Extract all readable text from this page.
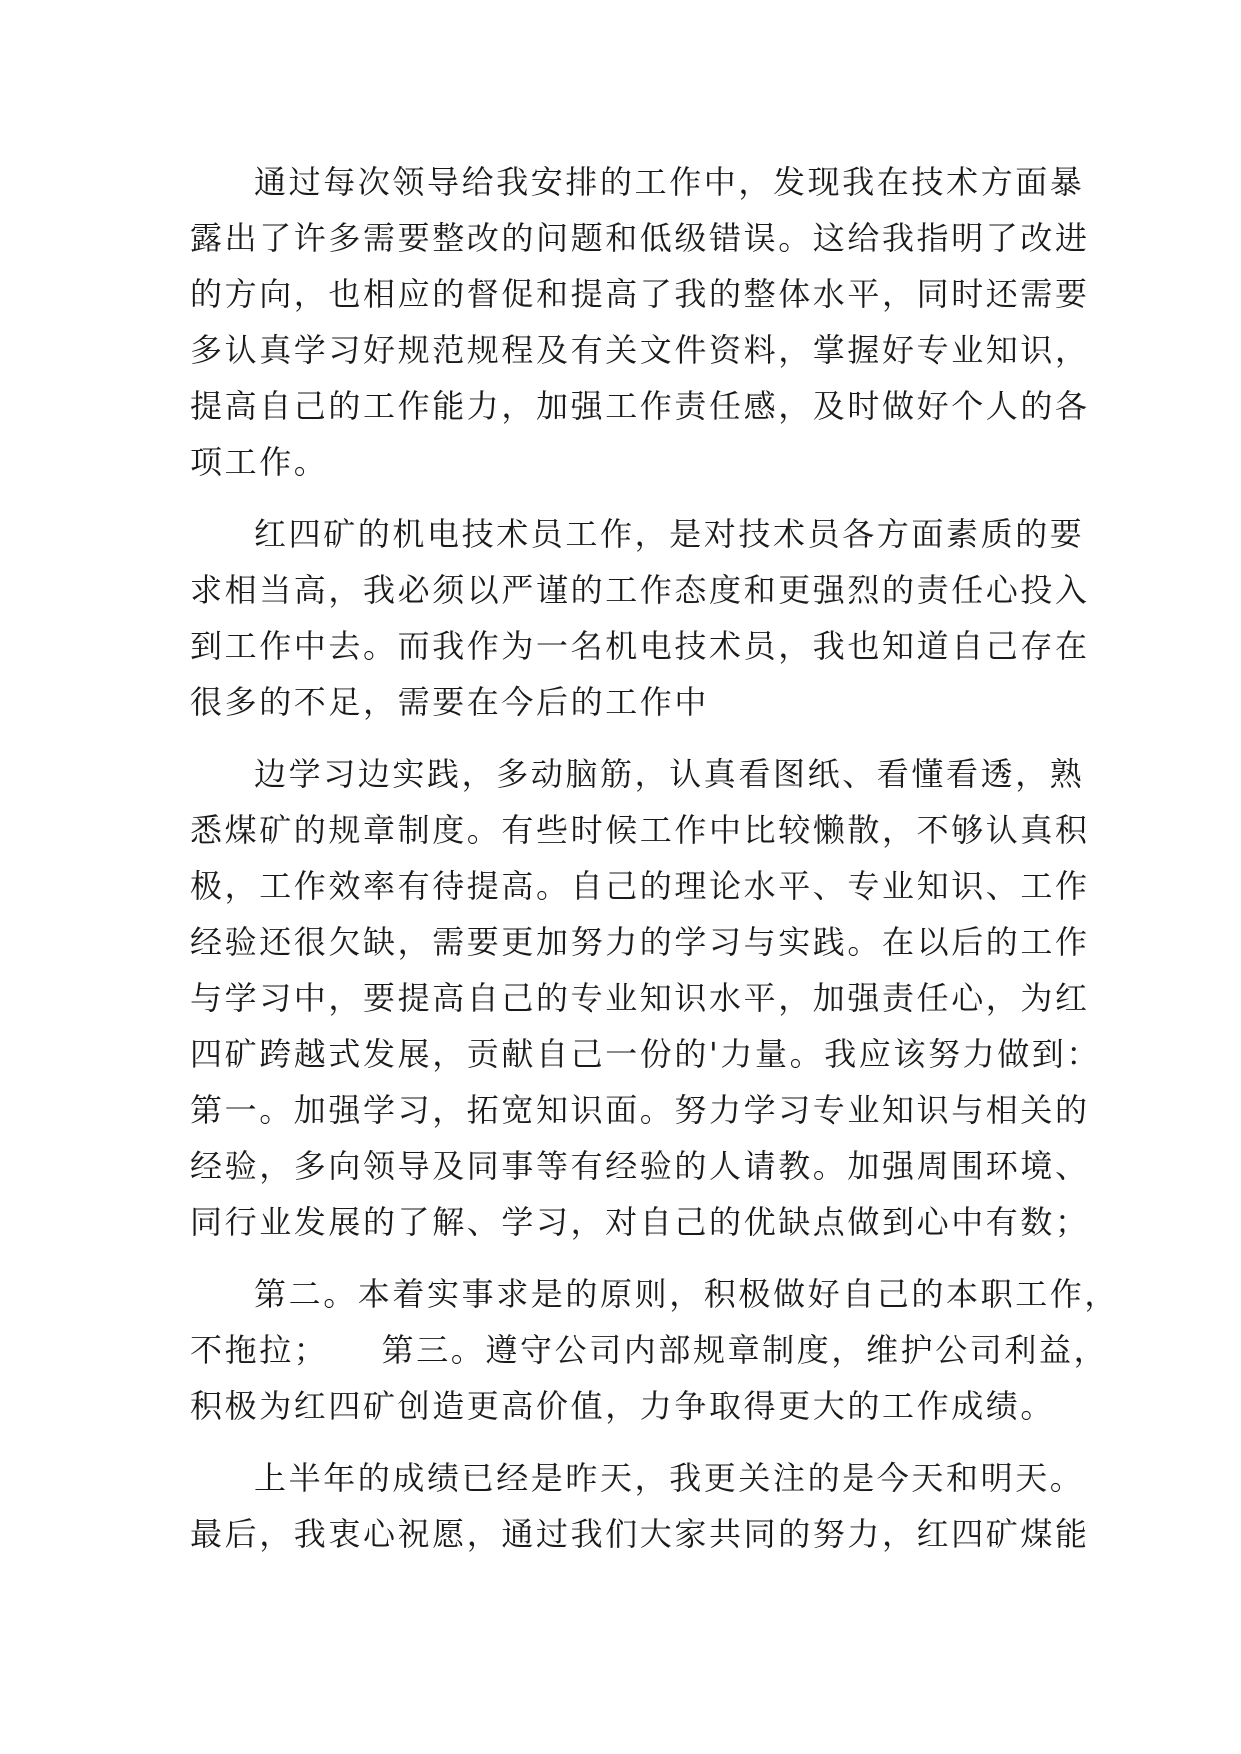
通过每次领导给我安排的工作中，发现我在技术方面暴
露出了许多需要整改的问题和低级错误。这给我指明了改进
的方向，也相应的督促和提高了我的整体水平，同时还需要
多认真学习好规范规程及有关文件资料，掌握好专业知识，
提高自己的工作能力，加强工作责任感，及时做好个人的各
项工作。
红四矿的机电技术员工作，是对技术员各方面素质的要
求相当高，我必须以严谨的工作态度和更强烈的责任心投入
到工作中去。而我作为一名机电技术员，我也知道自己存在
很多的不足，需要在今后的工作中
边学习边实践，多动脑筋，认真看图纸、看懂看透，熟
悉煤矿的规章制度。有些时候工作中比较懒散，不够认真积
极，工作效率有待提高。自己的理论水平、专业知识、工作
经验还很欠缺，需要更加努力的学习与实践。在以后的工作
与学习中，要提高自己的专业知识水平，加强责任心，为红
四矿跨越式发展，贡献自己一份的'力量。我应该努力做到：
第一。加强学习，拓宽知识面。努力学习专业知识与相关的
经验，多向领导及同事等有经验的人请教。加强周围环境、
同行业发展的了解、学习，对自己的优缺点做到心中有数；
第二。本着实事求是的原则，积极做好自己的本职工作，
不拖拉；　　第三。遵守公司内部规章制度，维护公司利益，
积极为红四矿创造更高价值，力争取得更大的工作成绩。
上半年的成绩已经是昨天，我更关注的是今天和明天。
最后，我衷心祝愿，通过我们大家共同的努力，红四矿煤能
